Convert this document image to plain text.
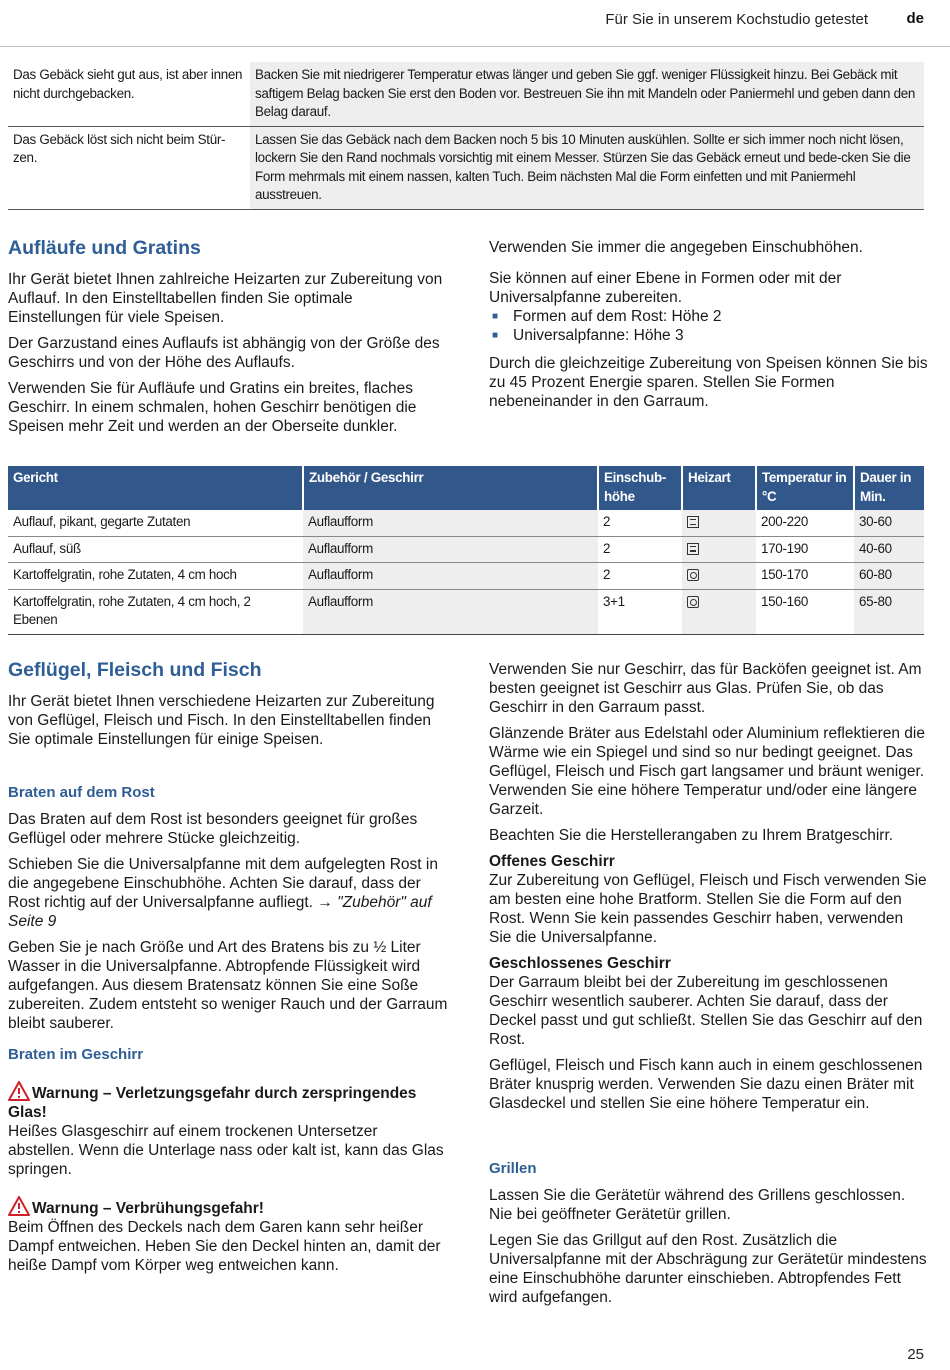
Für Sie in unserem Kochstudio getestet	de
Das Gebäck sieht gut aus, ist aber innen nicht durchgebacken.	Backen Sie mit niedrigerer Temperatur etwas länger und geben Sie ggf. weniger Flüssigkeit hinzu. Bei Gebäck mit saftigem Belag backen Sie erst den Boden vor. Bestreuen Sie ihn mit Mandeln oder Paniermehl und geben dann den Belag darauf.
Das Gebäck löst sich nicht beim Stür-zen.	Lassen Sie das Gebäck nach dem Backen noch 5 bis 10 Minuten auskühlen. Sollte er sich immer noch nicht lösen, lockern Sie den Rand nochmals vorsichtig mit einem Messer. Stürzen Sie das Gebäck erneut und bede-cken Sie die Form mehrmals mit einem nassen, kalten Tuch. Beim nächsten Mal die Form einfetten und mit Paniermehl ausstreuen.
Aufläufe und Gratins

Ihr Gerät bietet Ihnen zahlreiche Heizarten zur Zubereitung von Auflauf. In den Einstelltabellen finden Sie optimale Einstellungen für viele Speisen.

Der Garzustand eines Auflaufs ist abhängig von der Größe des Geschirrs und von der Höhe des Auflaufs.

Verwenden Sie für Aufläufe und Gratins ein breites, flaches Geschirr. In einem schmalen, hohen Geschirr benötigen die Speisen mehr Zeit und werden an der Oberseite dunkler.

Verwenden Sie immer die angegeben Einschubhöhen.

Sie können auf einer Ebene in Formen oder mit der Universalpfanne zubereiten.

■ Formen auf dem Rost: Höhe 2
■ Universalpfanne: Höhe 3

Durch die gleichzeitige Zubereitung von Speisen können Sie bis zu 45 Prozent Energie sparen. Stellen Sie Formen nebeneinander in den Garraum.

Gericht	Zubehör / Geschirr	Einschub-höhe	Heizart	Temperatur in °C	Dauer in Min.
Auflauf, pikant, gegarte Zutaten	Auflaufform	2		200-220	30-60
Auflauf, süß	Auflaufform	2		170-190	40-60
Kartoffelgratin, rohe Zutaten, 4 cm hoch	Auflaufform	2		150-170	60-80
Kartoffelgratin, rohe Zutaten, 4 cm hoch, 2 Ebenen	Auflaufform	3+1		150-160	65-80
Geflügel, Fleisch und Fisch

Ihr Gerät bietet Ihnen verschiedene Heizarten zur Zubereitung von Geflügel, Fleisch und Fisch. In den Einstelltabellen finden Sie optimale Einstellungen für einige Speisen.

Braten auf dem Rost

Das Braten auf dem Rost ist besonders geeignet für großes Geflügel oder mehrere Stücke gleichzeitig.

Schieben Sie die Universalpfanne mit dem aufgelegten Rost in die angegebene Einschubhöhe. Achten Sie darauf, dass der Rost richtig auf der Universalpfanne aufliegt. → "Zubehör" auf Seite 9

Geben Sie je nach Größe und Art des Bratens bis zu ½ Liter Wasser in die Universalpfanne. Abtropfende Flüssigkeit wird aufgefangen. Aus diesem Bratensatz können Sie eine Soße zubereiten. Zudem entsteht so weniger Rauch und der Garraum bleibt sauberer.

Braten im Geschirr
Warnung – Verletzungsgefahr durch zerspringendes Glas!
Heißes Glasgeschirr auf einem trockenen Untersetzer abstellen. Wenn die Unterlage nass oder kalt ist, kann das Glas springen.
Warnung – Verbrühungsgefahr!
Beim Öffnen des Deckels nach dem Garen kann sehr heißer Dampf entweichen. Heben Sie den Deckel hinten an, damit der heiße Dampf vom Körper weg entweichen kann.

Verwenden Sie nur Geschirr, das für Backöfen geeignet ist. Am besten geeignet ist Geschirr aus Glas. Prüfen Sie, ob das Geschirr in den Garraum passt.

Glänzende Bräter aus Edelstahl oder Aluminium reflektieren die Wärme wie ein Spiegel und sind so nur bedingt geeignet. Das Geflügel, Fleisch und Fisch gart langsamer und bräunt weniger. Verwenden Sie eine höhere Temperatur und/oder eine längere Garzeit.

Beachten Sie die Herstellerangaben zu Ihrem Bratgeschirr.

Offenes Geschirr

Zur Zubereitung von Geflügel, Fleisch und Fisch verwenden Sie am besten eine hohe Bratform. Stellen Sie die Form auf den Rost. Wenn Sie kein passendes Geschirr haben, verwenden Sie die Universalpfanne.

Geschlossenes Geschirr

Der Garraum bleibt bei der Zubereitung im geschlossenen Geschirr wesentlich sauberer. Achten Sie darauf, dass der Deckel passt und gut schließt. Stellen Sie das Geschirr auf den Rost.

Geflügel, Fleisch und Fisch kann auch in einem geschlossenen Bräter knusprig werden. Verwenden Sie dazu einen Bräter mit Glasdeckel und stellen Sie eine höhere Temperatur ein.

Grillen

Lassen Sie die Gerätetür während des Grillens geschlossen. Nie bei geöffneter Gerätetür grillen.

Legen Sie das Grillgut auf den Rost. Zusätzlich die Universalpfanne mit der Abschrägung zur Gerätetür mindestens eine Einschubhöhe darunter einschieben. Abtropfendes Fett wird aufgefangen.

25
